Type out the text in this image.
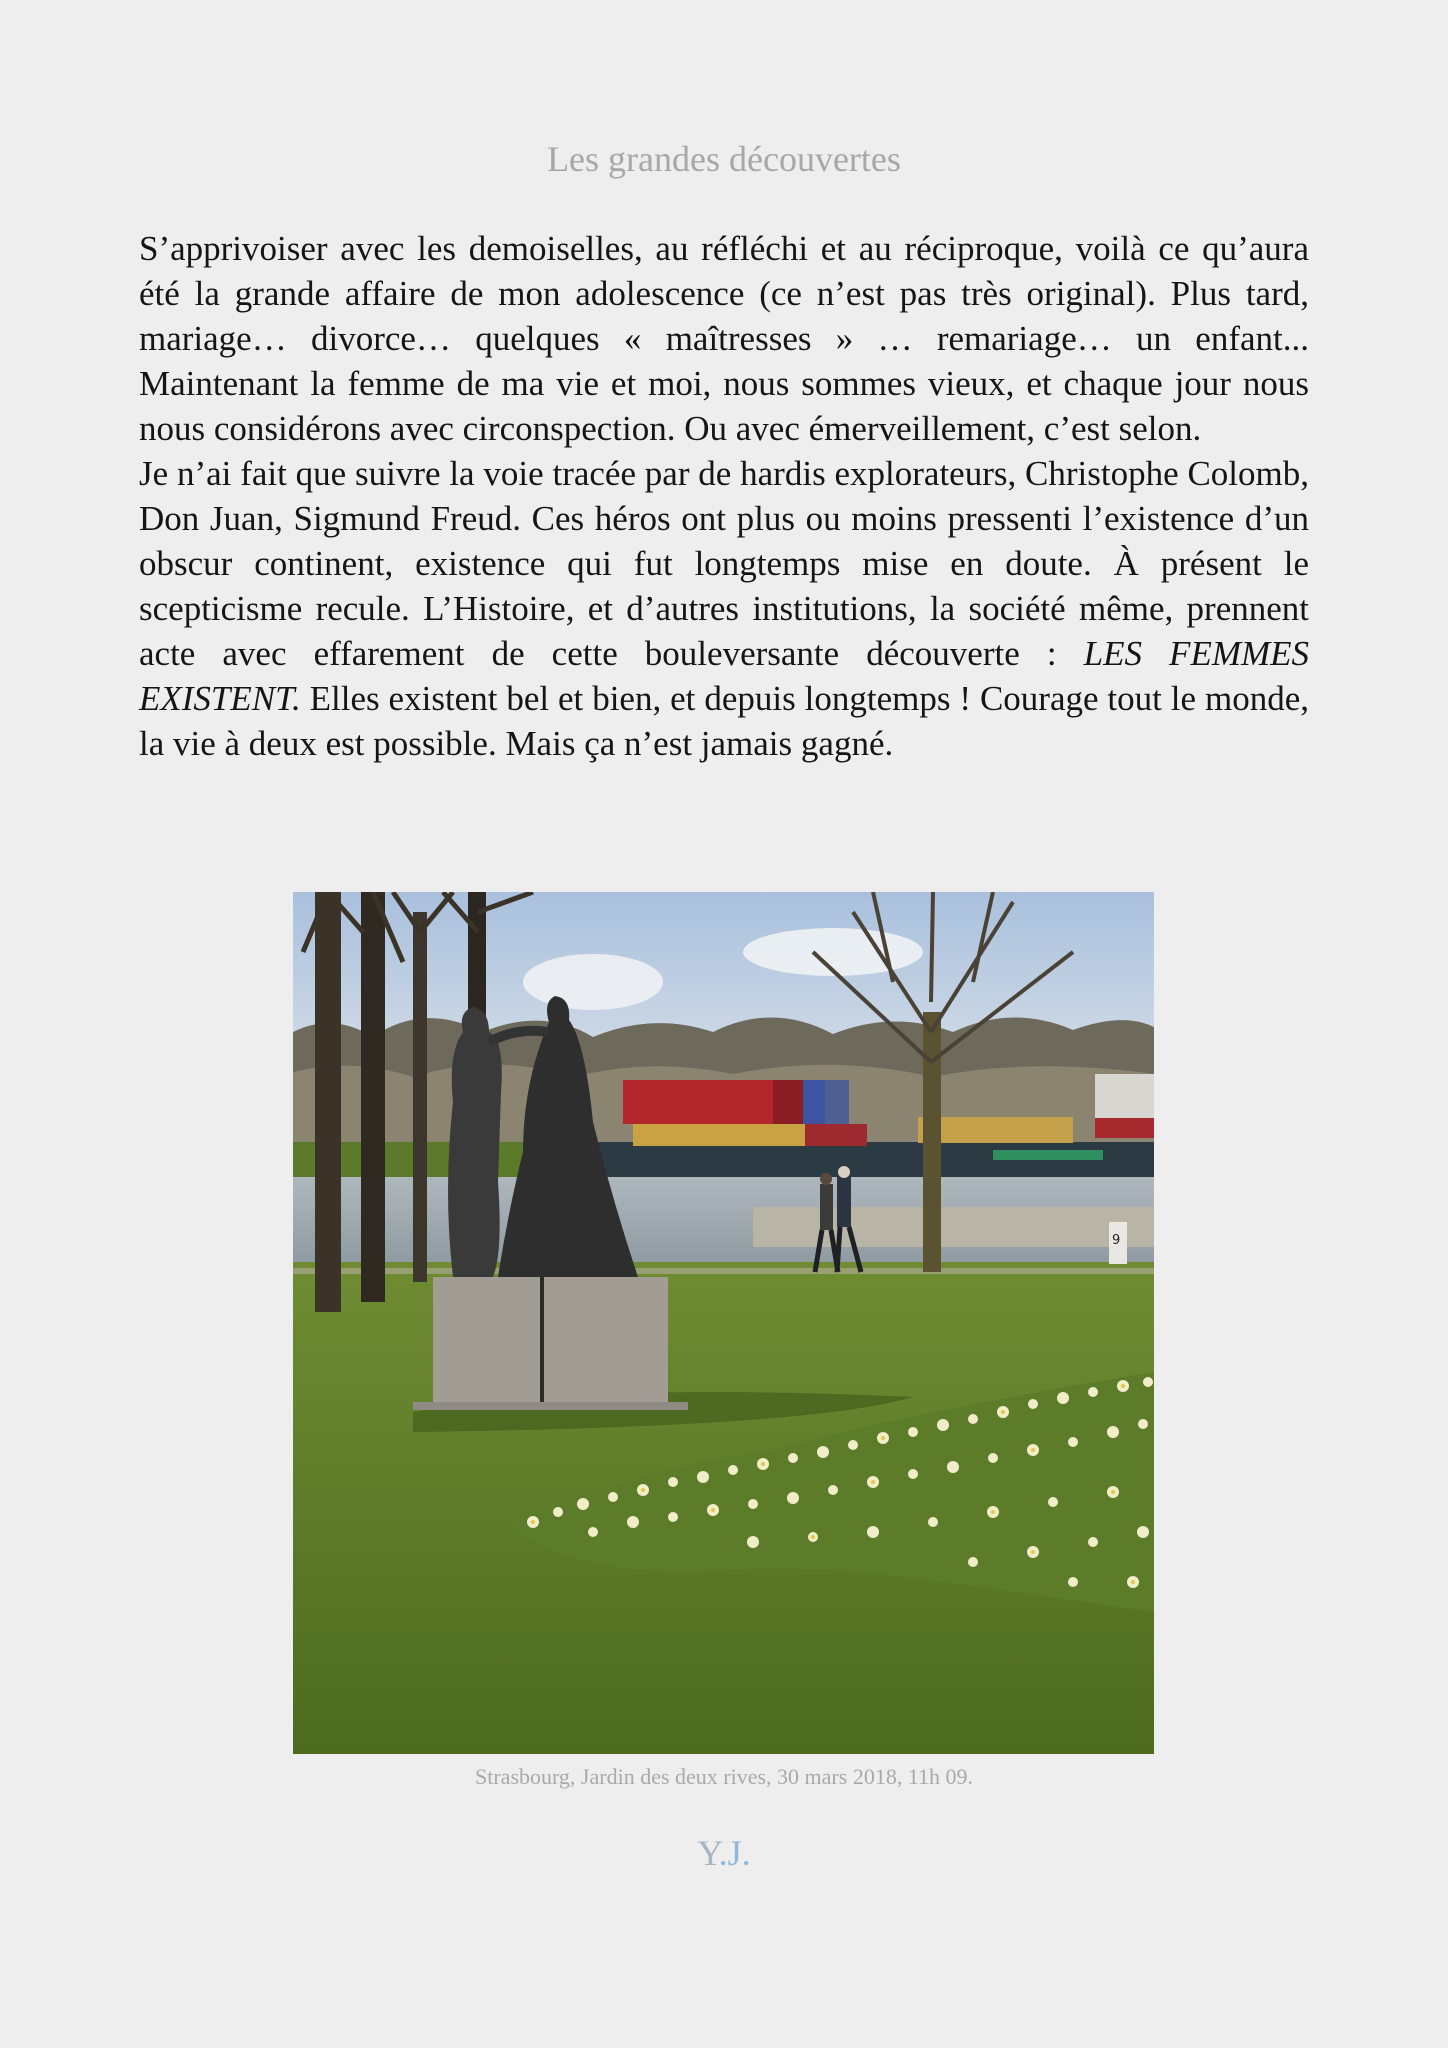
Les grandes découvertes

S’apprivoiser avec les demoiselles, au réfléchi et au réciproque, voilà ce qu’aura été la grande affaire de mon adolescence (ce n’est pas très original). Plus tard, mariage… divorce… quelques « maîtresses » … remariage… un enfant... Maintenant la femme de ma vie et moi, nous sommes vieux, et chaque jour nous nous considérons avec circonspection. Ou avec émerveillement, c’est selon.

Je n’ai fait que suivre la voie tracée par de hardis explorateurs, Christophe Colomb, Don Juan, Sigmund Freud. Ces héros ont plus ou moins pressenti l’existence d’un obscur continent, existence qui fut longtemps mise en doute. À présent le scepticisme recule. L’Histoire, et d’autres institutions, la société même, prennent acte avec effarement de cette bouleversante découverte : LES FEMMES EXISTENT. Elles existent bel et bien, et depuis longtemps ! Courage tout le monde, la vie à deux est possible. Mais ça n’est jamais gagné.

9
Strasbourg, Jardin des deux rives, 30 mars 2018, 11h 09.
Y.J.
